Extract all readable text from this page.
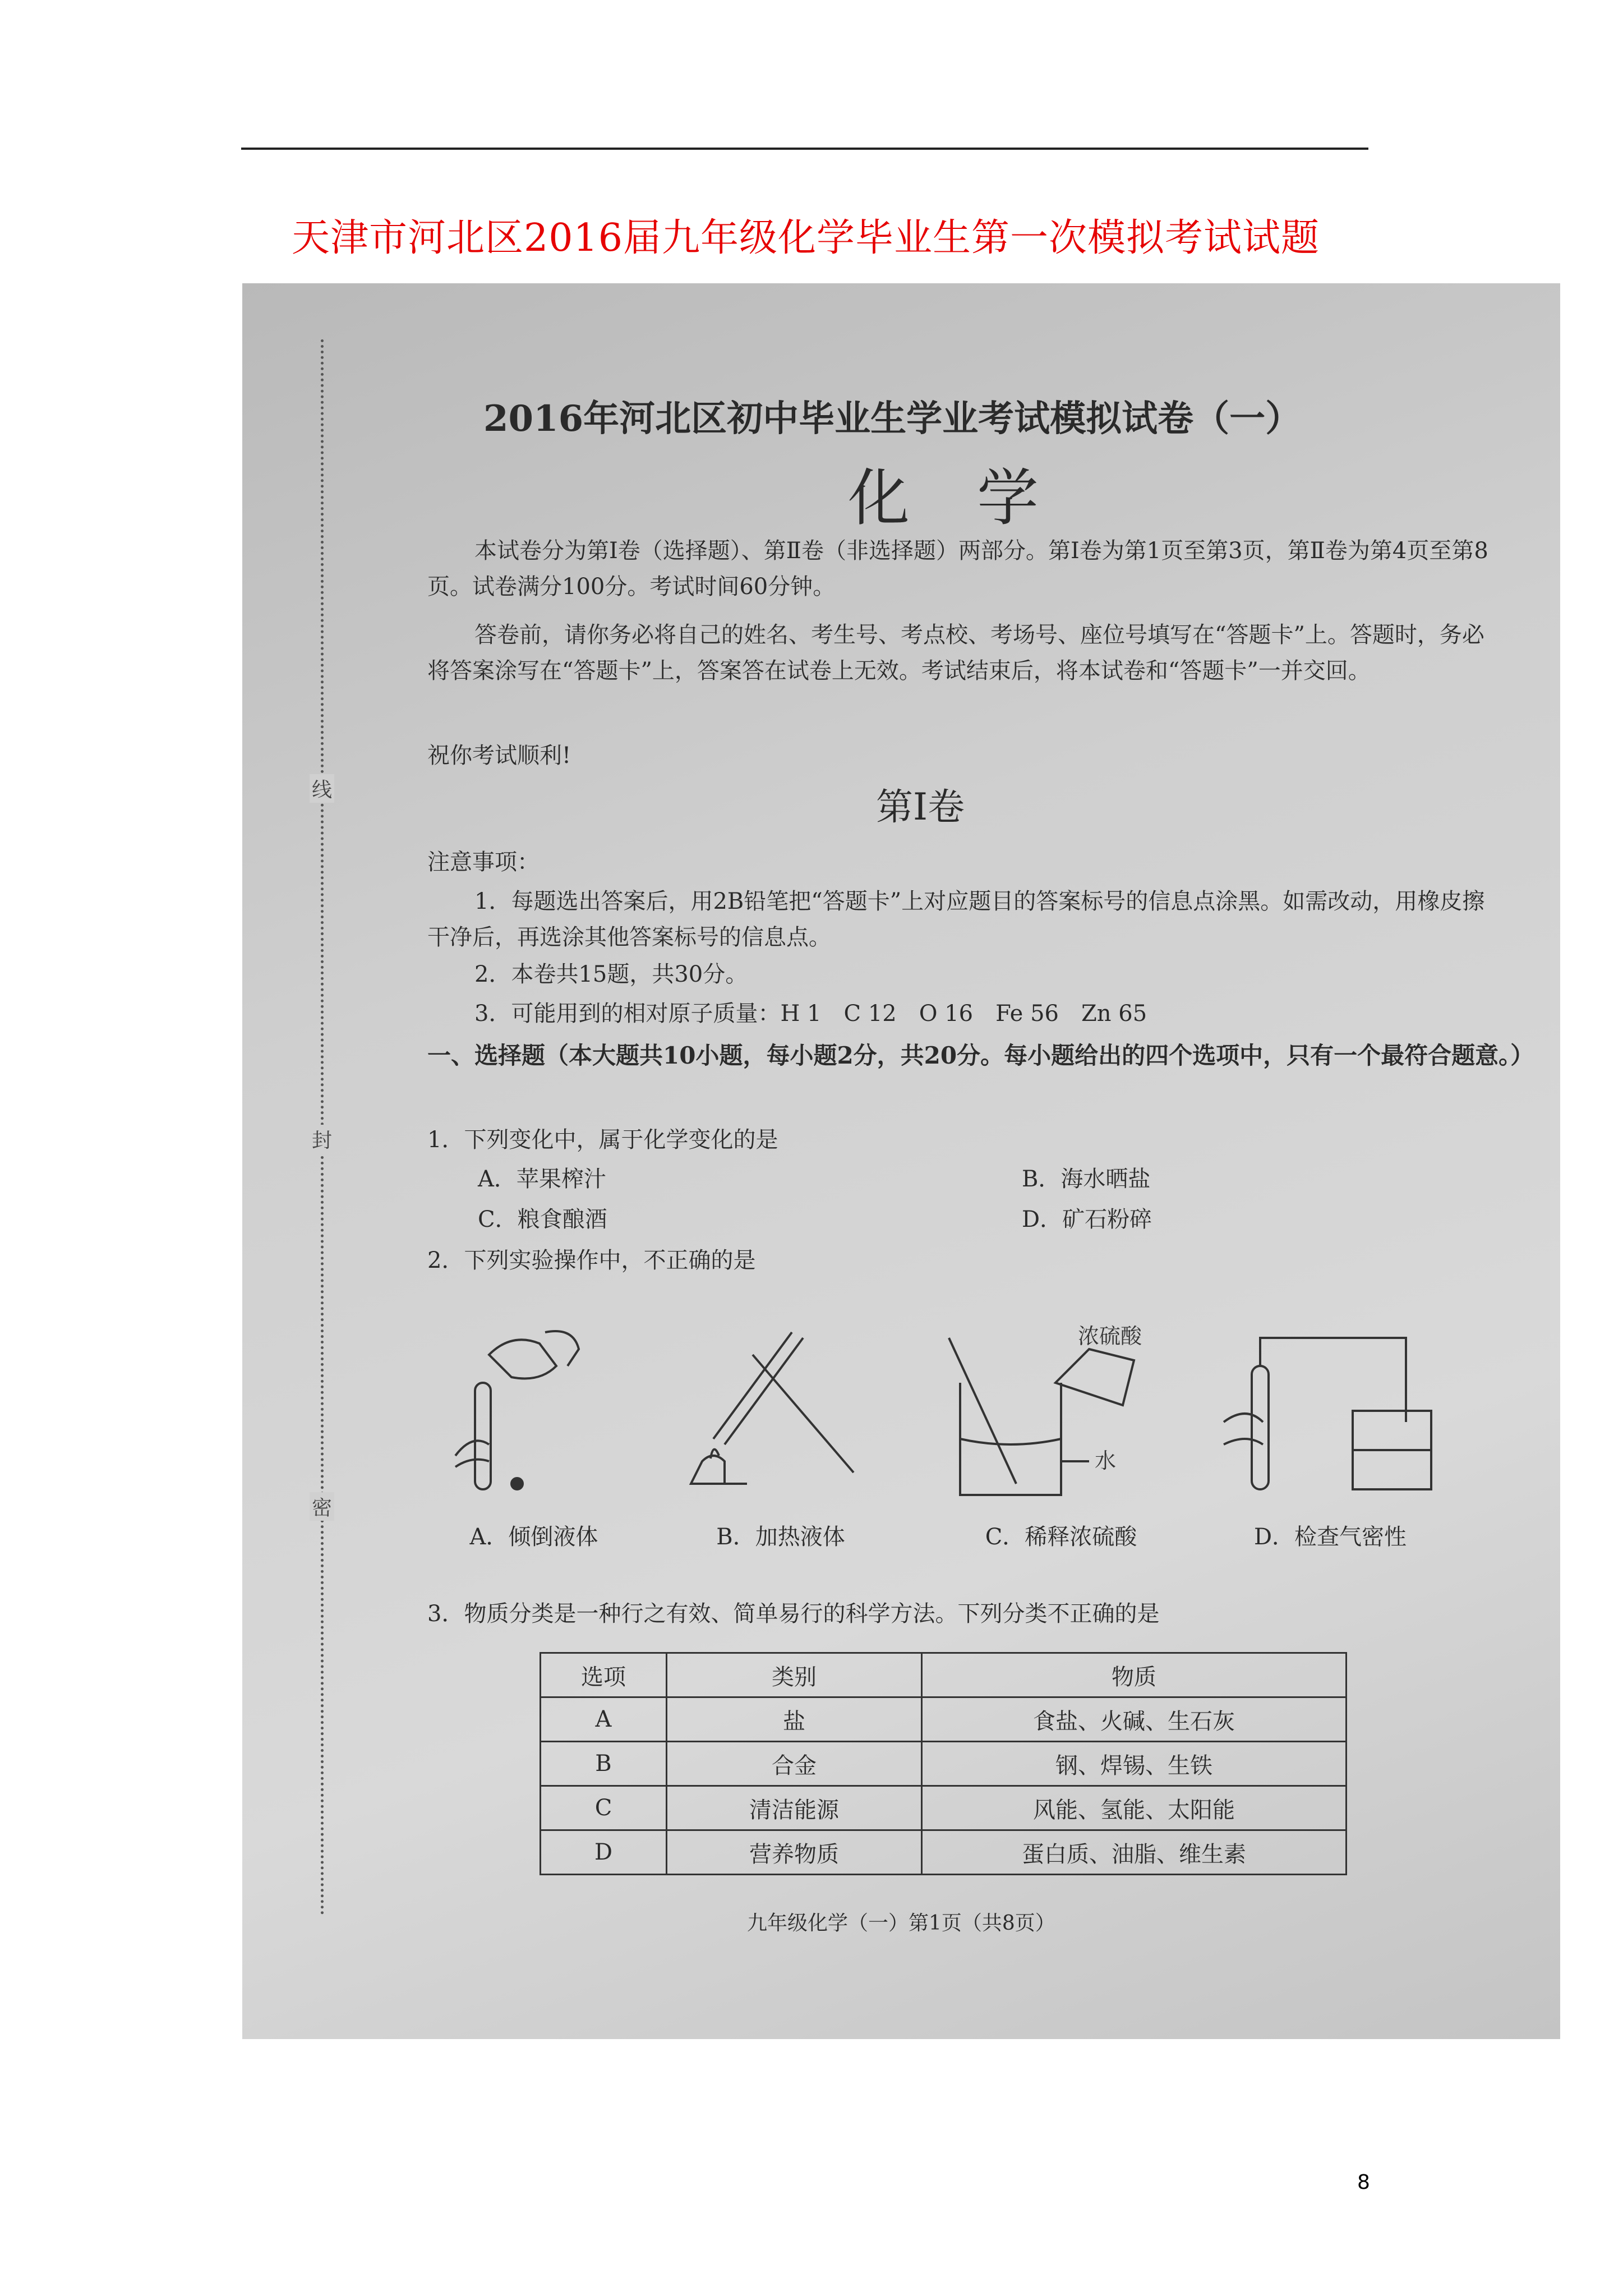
天津市河北区2016届九年级化学毕业生第一次模拟考试试题
线
封
密
2016年河北区初中毕业生学业考试模拟试卷（一）
化学
本试卷分为第Ⅰ卷（选择题）、第Ⅱ卷（非选择题）两部分。第Ⅰ卷为第1页至第3页，第Ⅱ卷为第4页至第8页。试卷满分100分。考试时间60分钟。
答卷前，请你务必将自己的姓名、考生号、考点校、考场号、座位号填写在“答题卡”上。答题时，务必将答案涂写在“答题卡”上，答案答在试卷上无效。考试结束后，将本试卷和“答题卡”一并交回。
祝你考试顺利!
第Ⅰ卷
注意事项：
1．每题选出答案后，用2B铅笔把“答题卡”上对应题目的答案标号的信息点涂黑。如需改动，用橡皮擦干净后，再选涂其他答案标号的信息点。
2．本卷共15题，共30分。
3．可能用到的相对原子质量：H 1　C 12　O 16　Fe 56　Zn 65
一、选择题（本大题共10小题，每小题2分，共20分。每小题给出的四个选项中，只有一个最符合题意。）
1．下列变化中，属于化学变化的是
A．苹果榨汁	B．海水晒盐
C．粮食酿酒	D．矿石粉碎
2．下列实验操作中，不正确的是
A．倾倒液体	B．加热液体
浓硫酸
水
C．稀释浓硫酸	D．检查气密性
3．物质分类是一种行之有效、简单易行的科学方法。下列分类不正确的是
选项	类别	物质
A	盐	食盐、火碱、生石灰
B	合金	钢、焊锡、生铁
C	清洁能源	风能、氢能、太阳能
D	营养物质	蛋白质、油脂、维生素
九年级化学（一）第1页（共8页）
8
